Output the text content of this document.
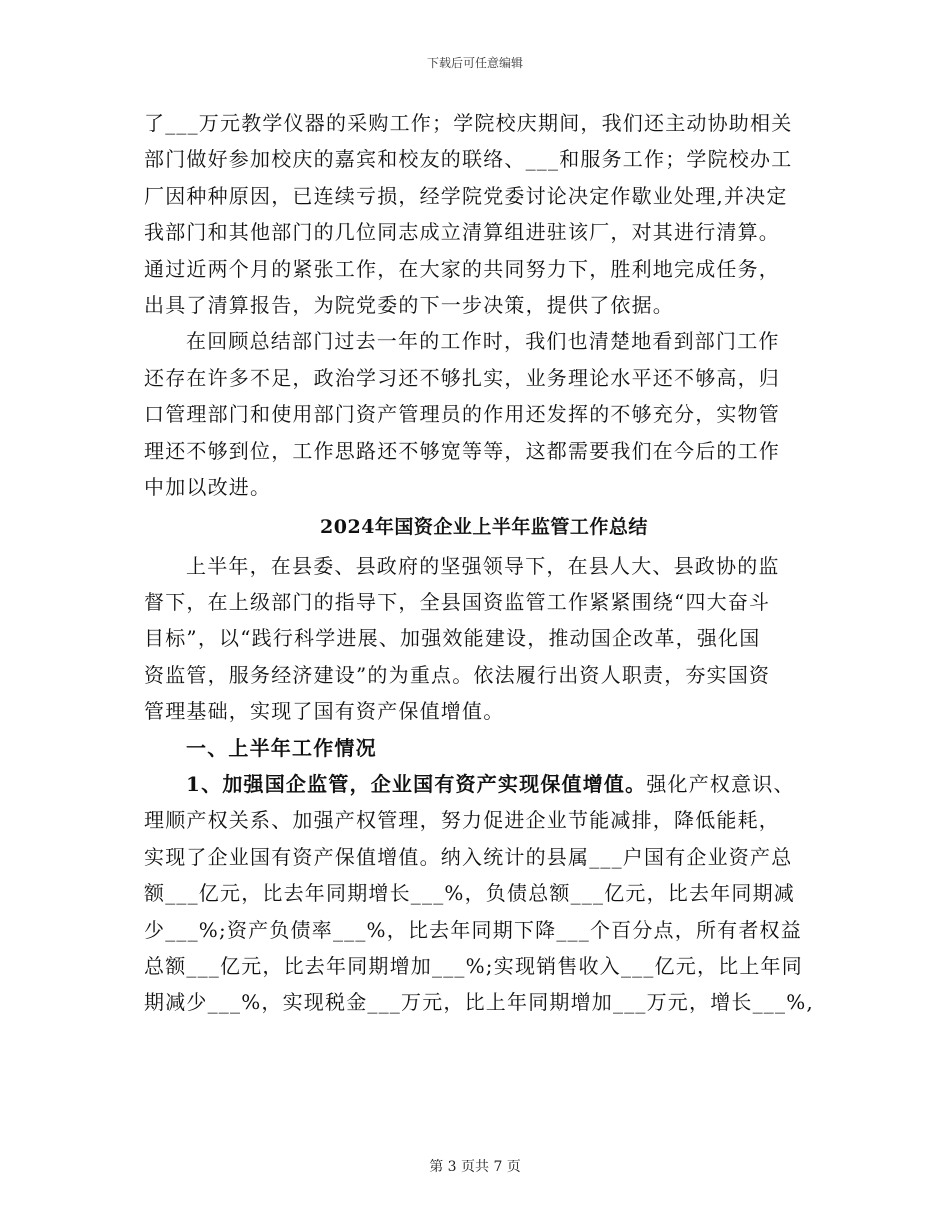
下载后可任意编辑
了___万元教学仪器的采购工作；学院校庆期间，我们还主动协助相关
部门做好参加校庆的嘉宾和校友的联络、___和服务工作；学院校办工
厂因种种原因，已连续亏损，经学院党委讨论决定作歇业处理,并决定
我部门和其他部门的几位同志成立清算组进驻该厂，对其进行清算。
通过近两个月的紧张工作，在大家的共同努力下，胜利地完成任务，
出具了清算报告，为院党委的下一步决策，提供了依据。
在回顾总结部门过去一年的工作时，我们也清楚地看到部门工作
还存在许多不足，政治学习还不够扎实，业务理论水平还不够高，归
口管理部门和使用部门资产管理员的作用还发挥的不够充分，实物管
理还不够到位，工作思路还不够宽等等，这都需要我们在今后的工作
中加以改进。
2024年国资企业上半年监管工作总结
上半年，在县委、县政府的坚强领导下，在县人大、县政协的监
督下，在上级部门的指导下，全县国资监管工作紧紧围绕“四大奋斗
目标”，以“践行科学进展、加强效能建设，推动国企改革，强化国
资监管，服务经济建设”的为重点。依法履行出资人职责，夯实国资
管理基础，实现了国有资产保值增值。
一、上半年工作情况
1、加强国企监管，企业国有资产实现保值增值。强化产权意识、
理顺产权关系、加强产权管理，努力促进企业节能减排，降低能耗，
实现了企业国有资产保值增值。纳入统计的县属___户国有企业资产总
额___亿元，比去年同期增长___%，负债总额___亿元，比去年同期减
少___%;资产负债率___%，比去年同期下降___个百分点，所有者权益
总额___亿元，比去年同期增加___%;实现销售收入___亿元，比上年同
期减少___%，实现税金___万元，比上年同期增加___万元，增长___%,
第 3 页共 7 页
